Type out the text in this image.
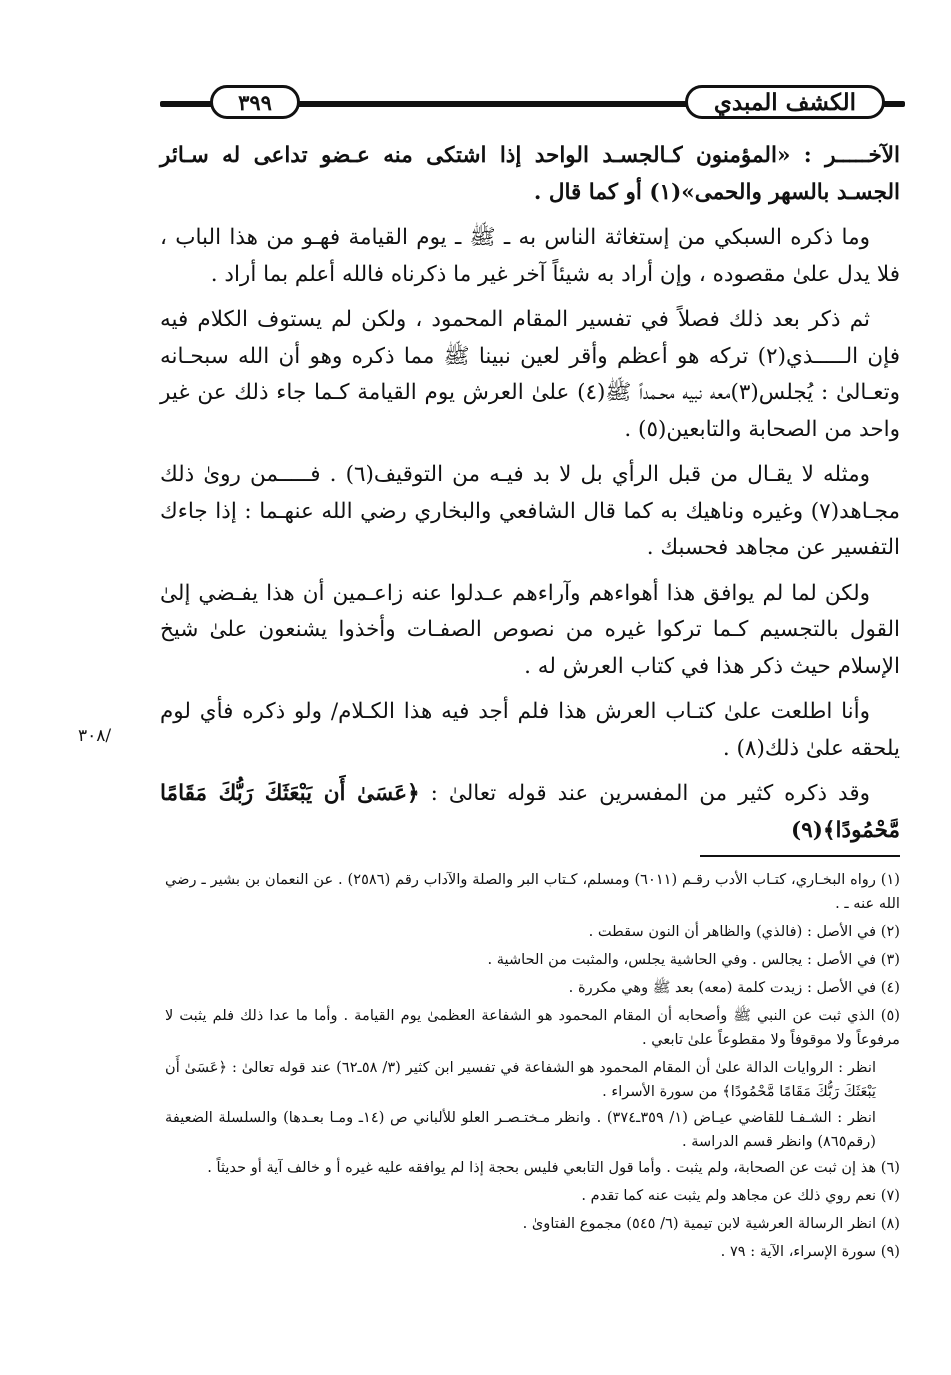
٣٩٩	الكشف المبدي

الآخـــــر : «المؤمنون كـالجسـد الواحد إذا اشتكى منه عـضو تداعى له سـائر الجسـد بالسهر والحمى»(١) أو كما قال .

وما ذكره السبكي من إستغاثة الناس به ـ ﷺ ـ يوم القيامة فهـو من هذا الباب ، فلا يدل علىٰ مقصوده ، وإن أراد به شيئاً آخر غير ما ذكرناه فالله أعلم بما أراد .

ثم ذكر بعد ذلك فصلاً في تفسير المقام المحمود ، ولكن لم يستوف الكلام فيه فإن الـــــذي(٢) تركه هو أعظم وأقر لعين نبينا ﷺ مما ذكره وهو أن الله سبحـانه وتعـالىٰ : يُجلس(٣)معه نبيه محـمداً ﷺ(٤) علىٰ العرش يوم القيامة كـما جاء ذلك عن غير واحد من الصحابة والتابعين(٥) .

ومثله لا يقـال من قبل الرأي بل لا بد فيـه من التوقيف(٦) . فـــــمن روىٰ ذلك مجـاهد(٧) وغيره وناهيك به كما قال الشافعي والبخاري رضي الله عنهـما : إذا جاءك التفسير عن مجاهد فحسبك .

ولكن لما لم يوافق هذا أهواءهم وآراءهم عـدلوا عنه زاعـمين أن هذا يفـضي إلىٰ القول بالتجسيم كـما تركوا غيره من نصوص الصفـات وأخذوا يشنعون علىٰ شيخ الإسلام حيث ذكر هذا في كتاب العرش له .

وأنا اطلعت علىٰ كتـاب العرش هذا فلم أجد فيه هذا الكـلام/ ولو ذكره فأي لوم يلحقه علىٰ ذلك(٨) .

وقد ذكره كثير من المفسرين عند قوله تعالىٰ : ﴿عَسَىٰ أَن يَبْعَثَكَ رَبُّكَ مَقَامًا مَّحْمُودًا﴾(٩)

/٣٠٨

(١) رواه البخـاري، كتـاب الأدب رقـم (٦٠١١) ومسلم، كـتاب البر والصلة والآداب رقم (٢٥٨٦) . عن النعمان بن بشير ـ رضي الله عنه ـ .

(٢) في الأصل : (فالذي) والظاهر أن النون سقطت .

(٣) في الأصل : يجالس . وفي الحاشية يجلس، والمثبت من الحاشية .

(٤) في الأصل : زيدت كلمة (معه) بعد ﷺ وهي مكررة .

(٥) الذي ثبت عن النبي ﷺ وأصحابه أن المقام المحمود هو الشفاعة العظمىٰ يوم القيامة . وأما ما عدا ذلك فلم يثبت لا مرفوعاً ولا موقوفاً ولا مقطوعاً علىٰ تابعي .

انظر : الروايات الدالة علىٰ أن المقام المحمود هو الشفاعة في تفسير ابن كثير (٣/ ٥٨ـ٦٢) عند قوله تعالىٰ : ﴿عَسَىٰ أَن يَبْعَثَكَ رَبُّكَ مَقَامًا مَّحْمُودًا﴾ من سورة الأسراء .

انظر : الشـفـا للقاضي عيـاض (١/ ٣٥٩ـ٣٧٤) . وانظر مـختـصـر العلو للألباني ص (١٤ـ ومـا بعـدها) والسلسلة الضعيفة (رقم٨٦٥) وانظر قسم الدراسة .

(٦) هذ إن ثبت عن الصحابة، ولم يثبت . وأما قول التابعي فليس بحجة إذا لم يوافقه عليه غيره أ و خالف آية أو حديثاً .

(٧) نعم روي ذلك عن مجاهد ولم يثبت عنه كما تقدم .

(٨) انظر الرسالة العرشية لابن تيمية (٦/ ٥٤٥) مجموع الفتاوىٰ .

(٩) سورة الإسراء، الآية : ٧٩ .
